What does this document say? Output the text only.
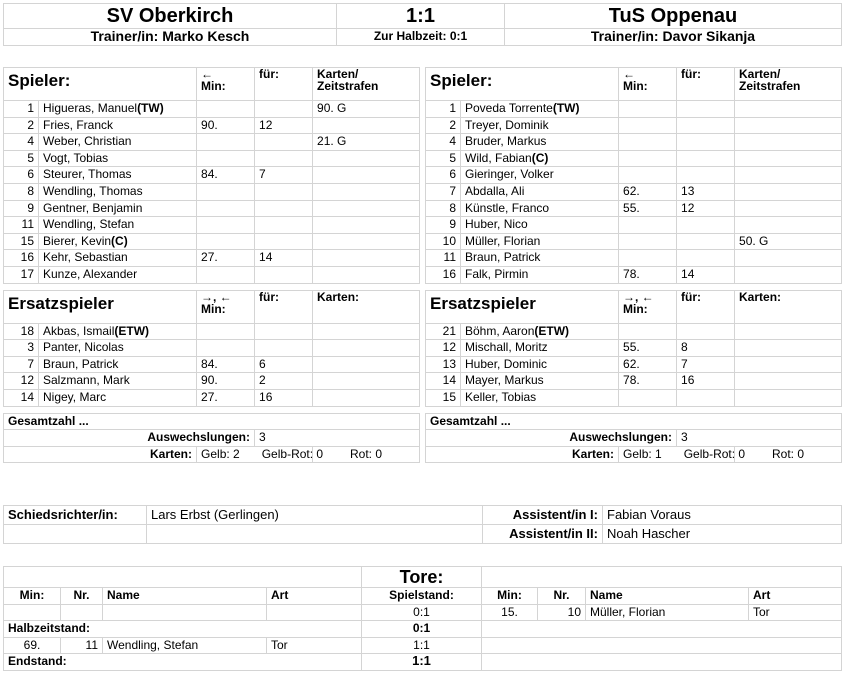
SV Oberkirch	1:1	TuS Oppenau
Trainer/in: Marko Kesch	Zur Halbzeit: 0:1	Trainer/in: Davor Sikanja
Spieler:		←
Min:	für:	Karten/
Zeitstrafen
1	Higueras, Manuel(TW)			90. G
2	Fries, Franck	90.	12	
4	Weber, Christian			21. G
5	Vogt, Tobias			
6	Steurer, Thomas	84.	7	
8	Wendling, Thomas			
9	Gentner, Benjamin			
11	Wendling, Stefan			
15	Bierer, Kevin(C)			
16	Kehr, Sebastian	27.	14	
17	Kunze, Alexander			

Ersatzspieler		→, ←
Min:	für:	Karten:
18	Akbas, Ismail(ETW)			
3	Panter, Nicolas			
7	Braun, Patrick	84.	6	
12	Salzmann, Mark	90.	2	
14	Nigey, Marc	27.	16	

Gesamtzahl ...				
Auswechslungen:			3	
Karten:		Gelb: 2 Gelb-Rot: 0		Rot: 0
Spieler:		←
Min:	für:	Karten/
Zeitstrafen
1	Poveda Torrente(TW)			
2	Treyer, Dominik			
4	Bruder, Markus			
5	Wild, Fabian(C)			
6	Gieringer, Volker			
7	Abdalla, Ali	62.	13	
8	Künstle, Franco	55.	12	
9	Huber, Nico			
10	Müller, Florian			50. G
11	Braun, Patrick			
16	Falk, Pirmin	78.	14	

Ersatzspieler		→, ←
Min:	für:	Karten:
21	Böhm, Aaron(ETW)			
12	Mischall, Moritz	55.	8	
13	Huber, Dominic	62.	7	
14	Mayer, Markus	78.	16	
15	Keller, Tobias			

Gesamtzahl ...				
Auswechslungen:			3	
Karten:		Gelb: 1 Gelb-Rot: 0		Rot: 0
Schiedsrichter/in:	Lars Erbst (Gerlingen)	Assistent/in I:	Fabian Voraus
		Assistent/in II:	Noah Hascher
				Tore:				
Min:	Nr.	Name	Art	Spielstand:	Min:	Nr.	Name	Art
				0:1	15.	10	Müller, Florian	Tor
Halbzeitstand:				0:1				
69.	11	Wendling, Stefan	Tor	1:1				
Endstand:				1:1				
